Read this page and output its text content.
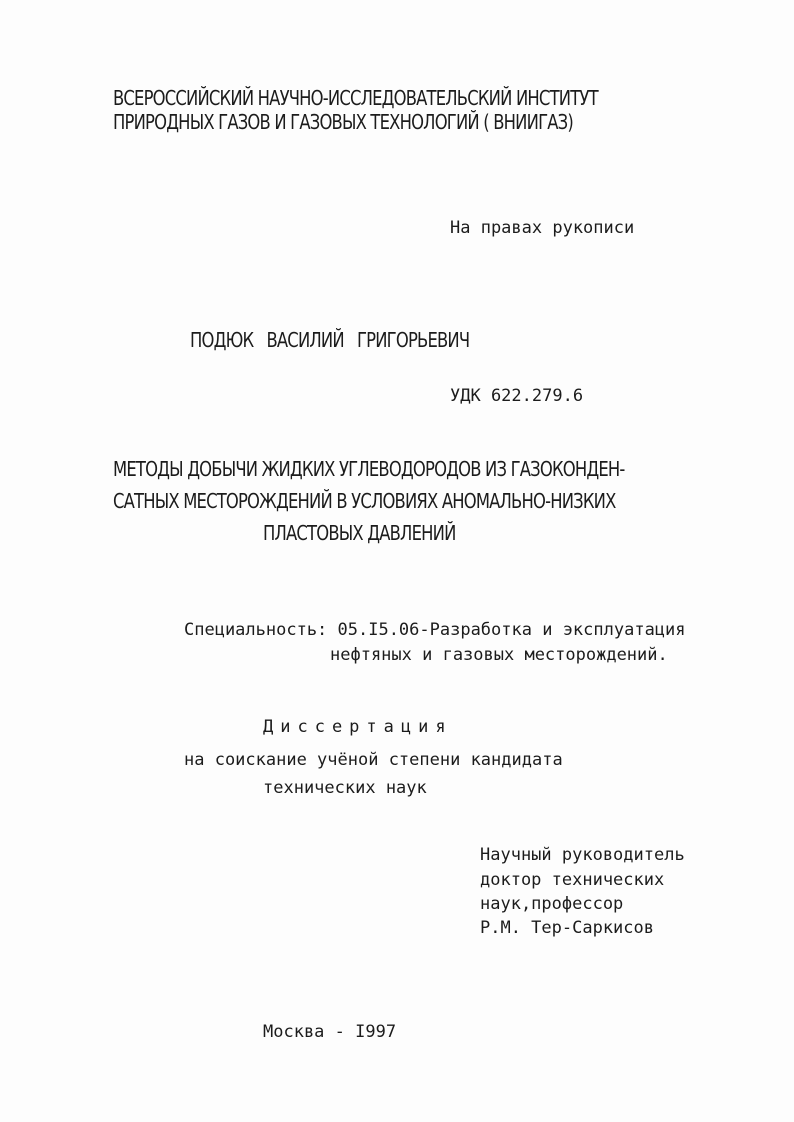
ВСЕРОССИЙСКИЙ НАУЧНО-ИССЛЕДОВАТЕЛЬСКИЙ ИНСТИТУТ

ПРИРОДНЫХ ГАЗОВ И ГАЗОВЫХ ТЕХНОЛОГИЙ ( ВНИИГАЗ)

На правах рукописи

ПОДЮК   ВАСИЛИЙ   ГРИГОРЬЕВИЧ

УДК 622.279.6

МЕТОДЫ ДОБЫЧИ ЖИДКИХ УГЛЕВОДОРОДОВ ИЗ ГАЗОКОНДЕН-

САТНЫХ МЕСТОРОЖДЕНИЙ В УСЛОВИЯХ АНОМАЛЬНО-НИЗКИХ

ПЛАСТОВЫХ ДАВЛЕНИЙ

Специальность: 05.I5.06-Разработка и эксплуатация

нефтяных и газовых месторождений.

Диссертация

на соискание учёной степени кандидата

технических наук

Научный руководитель

доктор технических

наук,профессор

Р.М. Тер-Саркисов

Москва - I997
